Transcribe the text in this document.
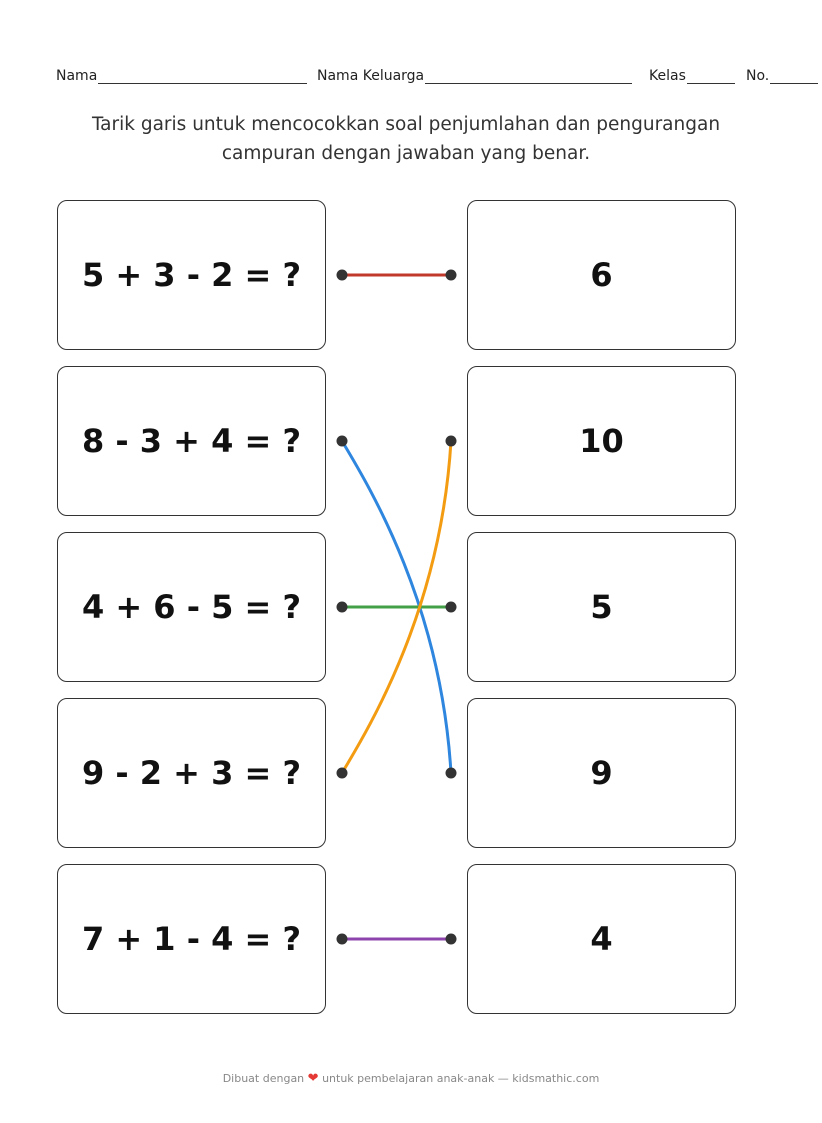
Nama	Nama Keluarga	Kelas	No.
Tarik garis untuk mencocokkan soal penjumlahan dan pengurangan
campuran dengan jawaban yang benar.
5 + 3 - 2 = ?
8 - 3 + 4 = ?
4 + 6 - 5 = ?
9 - 2 + 3 = ?
7 + 1 - 4 = ?
6
10
5
9
4
Dibuat dengan ❤ untuk pembelajaran anak-anak — kidsmathic.com
